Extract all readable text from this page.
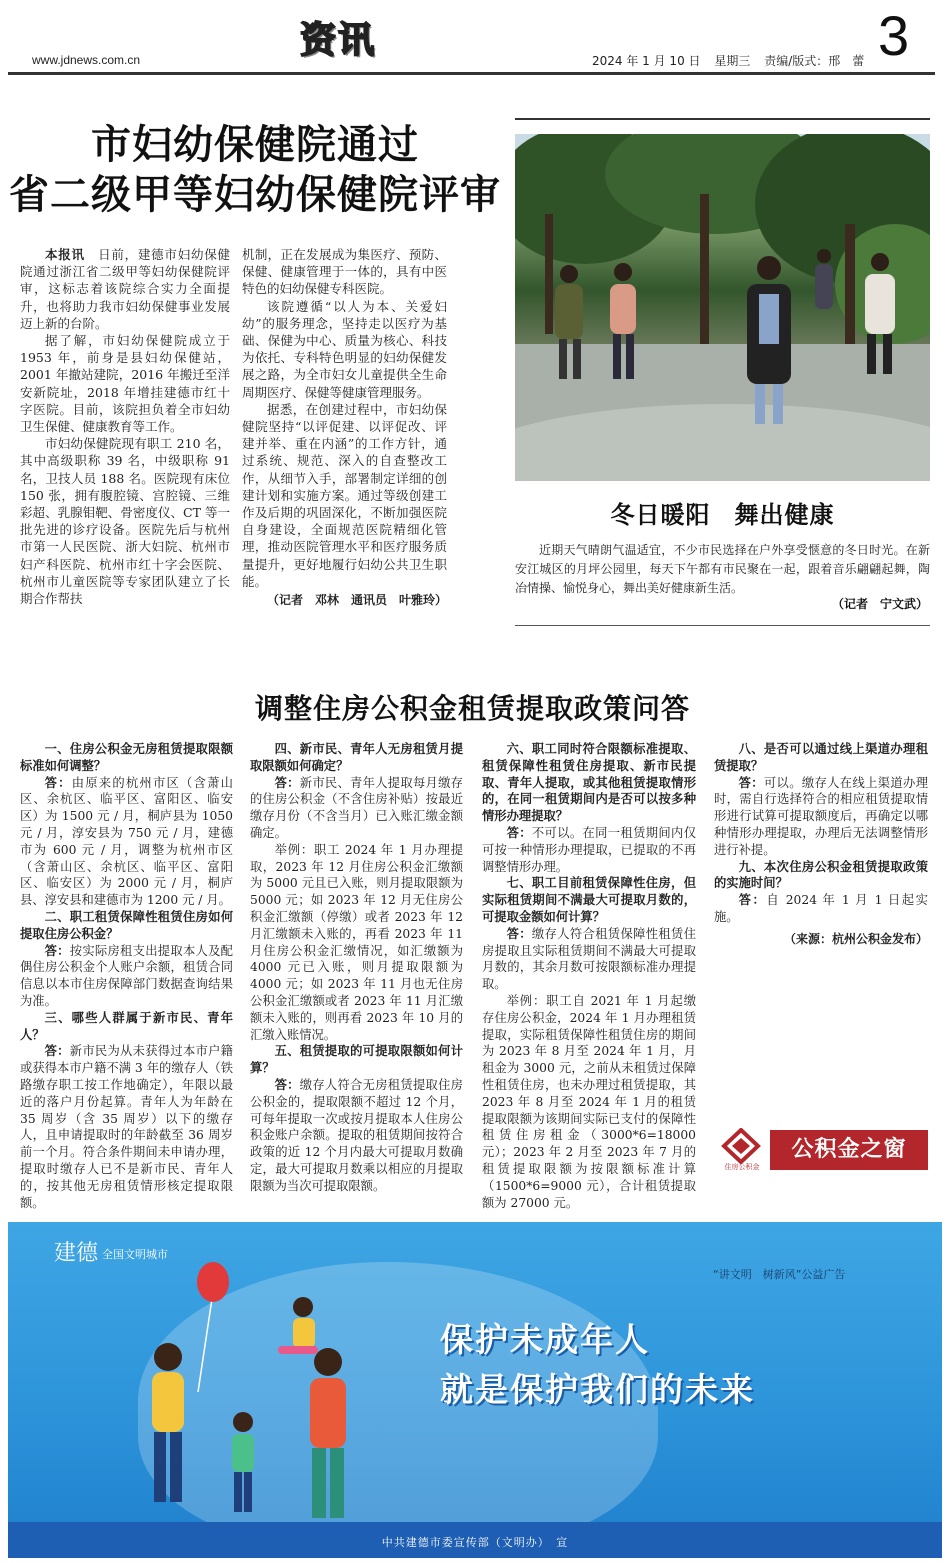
www.jdnews.com.cn	资讯	2024 年 1 月 10 日 星期三 责编/版式：邢　蕾 3
市妇幼保健院通过
省二级甲等妇幼保健院评审

本报讯　 日前，建德市妇幼保健院通过浙江省二级甲等妇幼保健院评审，这标志着该院综合实力全面提升，也将助力我市妇幼保健事业发展迈上新的台阶。

据了解，市妇幼保健院成立于 1953 年，前身是县妇幼保健站，2001 年撤站建院，2016 年搬迁至洋安新院址，2018 年增挂建德市红十字医院。目前，该院担负着全市妇幼卫生保健、健康教育等工作。

市妇幼保健院现有职工 210 名，其中高级职称 39 名，中级职称 91 名，卫技人员 188 名。医院现有床位 150 张，拥有腹腔镜、宫腔镜、三维彩超、乳腺钼靶、骨密度仪、CT 等一批先进的诊疗设备。医院先后与杭州市第一人民医院、浙大妇院、杭州市妇产科医院、杭州市红十字会医院、杭州市儿童医院等专家团队建立了长期合作帮扶

机制，正在发展成为集医疗、预防、保健、健康管理于一体的，具有中医特色的妇幼保健专科医院。

该院遵循“以人为本、关爱妇幼”的服务理念，坚持走以医疗为基础、保健为中心、质量为核心、科技为依托、专科特色明显的妇幼保健发展之路，为全市妇女儿童提供全生命周期医疗、保健等健康管理服务。

据悉，在创建过程中，市妇幼保健院坚持“以评促建、以评促改、评建并举、重在内涵”的工作方针，通过系统、规范、深入的自查整改工作，从细节入手，部署制定详细的创建计划和实施方案。通过等级创建工作及后期的巩固深化，不断加强医院自身建设，全面规范医院精细化管理，推动医院管理水平和医疗服务质量提升，更好地履行妇幼公共卫生职能。

（记者　邓林　通讯员　叶雅玲）
冬日暖阳 舞出健康
近期天气晴朗气温适宜，不少市民选择在户外享受惬意的冬日时光。在新安江城区的月坪公园里，每天下午都有市民聚在一起，跟着音乐翩翩起舞，陶冶情操、愉悦身心，舞出美好健康新生活。
（记者　宁文武）
调整住房公积金租赁提取政策问答

一、住房公积金无房租赁提取限额标准如何调整？

答：由原来的杭州市区（含萧山区、余杭区、临平区、富阳区、临安区）为 1500 元 / 月，桐庐县为 1050 元 / 月，淳安县为 750 元 / 月，建德市为 600 元 / 月，调整为杭州市区（含萧山区、余杭区、临平区、富阳区、临安区）为 2000 元 / 月，桐庐县、淳安县和建德市为 1200 元 / 月。

二、职工租赁保障性租赁住房如何提取住房公积金？

答：按实际房租支出提取本人及配偶住房公积金个人账户余额，租赁合同信息以本市住房保障部门数据查询结果为准。

三、哪些人群属于新市民、青年人？

答：新市民为从未获得过本市户籍或获得本市户籍不满 3 年的缴存人（铁路缴存职工按工作地确定），年限以最近的落户月份起算。青年人为年龄在 35 周岁（含 35 周岁）以下的缴存人，且申请提取时的年龄截至 36 周岁前一个月。符合条件期间未申请办理，提取时缴存人已不是新市民、青年人的，按其他无房租赁情形核定提取限额。

四、新市民、青年人无房租赁月提取限额如何确定？

答：新市民、青年人提取每月缴存的住房公积金（不含住房补贴）按最近缴存月份（不含当月）已入账汇缴金额确定。

举例：职工 2024 年 1 月办理提取，2023 年 12 月住房公积金汇缴额为 5000 元且已入账，则月提取限额为 5000 元；如 2023 年 12 月无住房公积金汇缴额（停缴）或者 2023 年 12 月汇缴额未入账的，再看 2023 年 11 月住房公积金汇缴情况，如汇缴额为 4000 元已入账，则月提取限额为 4000 元；如 2023 年 11 月也无住房公积金汇缴额或者 2023 年 11 月汇缴额未入账的，则再看 2023 年 10 月的汇缴入账情况。

五、租赁提取的可提取限额如何计算？

答：缴存人符合无房租赁提取住房公积金的，提取限额不超过 12 个月，可每年提取一次或按月提取本人住房公积金账户余额。提取的租赁期间按符合政策的近 12 个月内最大可提取月数确定，最大可提取月数乘以相应的月提取限额为当次可提取限额。

六、职工同时符合限额标准提取、租赁保障性租赁住房提取、新市民提取、青年人提取，或其他租赁提取情形的，在同一租赁期间内是否可以按多种情形办理提取？

答：不可以。在同一租赁期间内仅可按一种情形办理提取，已提取的不再调整情形办理。

七、职工目前租赁保障性住房，但实际租赁期间不满最大可提取月数的，可提取金额如何计算？

答：缴存人符合租赁保障性租赁住房提取且实际租赁期间不满最大可提取月数的，其余月数可按限额标准办理提取。

举例：职工自 2021 年 1 月起缴存住房公积金，2024 年 1 月办理租赁提取，实际租赁保障性租赁住房的期间为 2023 年 8 月至 2024 年 1 月，月租金为 3000 元，之前从未租赁过保障性租赁住房，也未办理过租赁提取，其 2023 年 8 月至 2024 年 1 月的租赁提取限额为该期间实际已支付的保障性租赁住房租金（3000*6=18000 元）；2023 年 2 月至 2023 年 7 月的租赁提取限额为按限额标准计算（1500*6=9000 元），合计租赁提取额为 27000 元。

八、是否可以通过线上渠道办理租赁提取？

答：可以。缴存人在线上渠道办理时，需自行选择符合的相应租赁提取情形进行试算可提取额度后，再确定以哪种情形办理提取，办理后无法调整情形进行补提。

九、本次住房公积金租赁提取政策的实施时间？

答：自 2024 年 1 月 1 日起实施。

（来源：杭州公积金发布）
住房公积金
公积金之窗
建德 全国文明城市
“讲文明　树新风”公益广告
保护未成年人
就是保护我们的未来
中共建德市委宣传部（文明办）　宣
